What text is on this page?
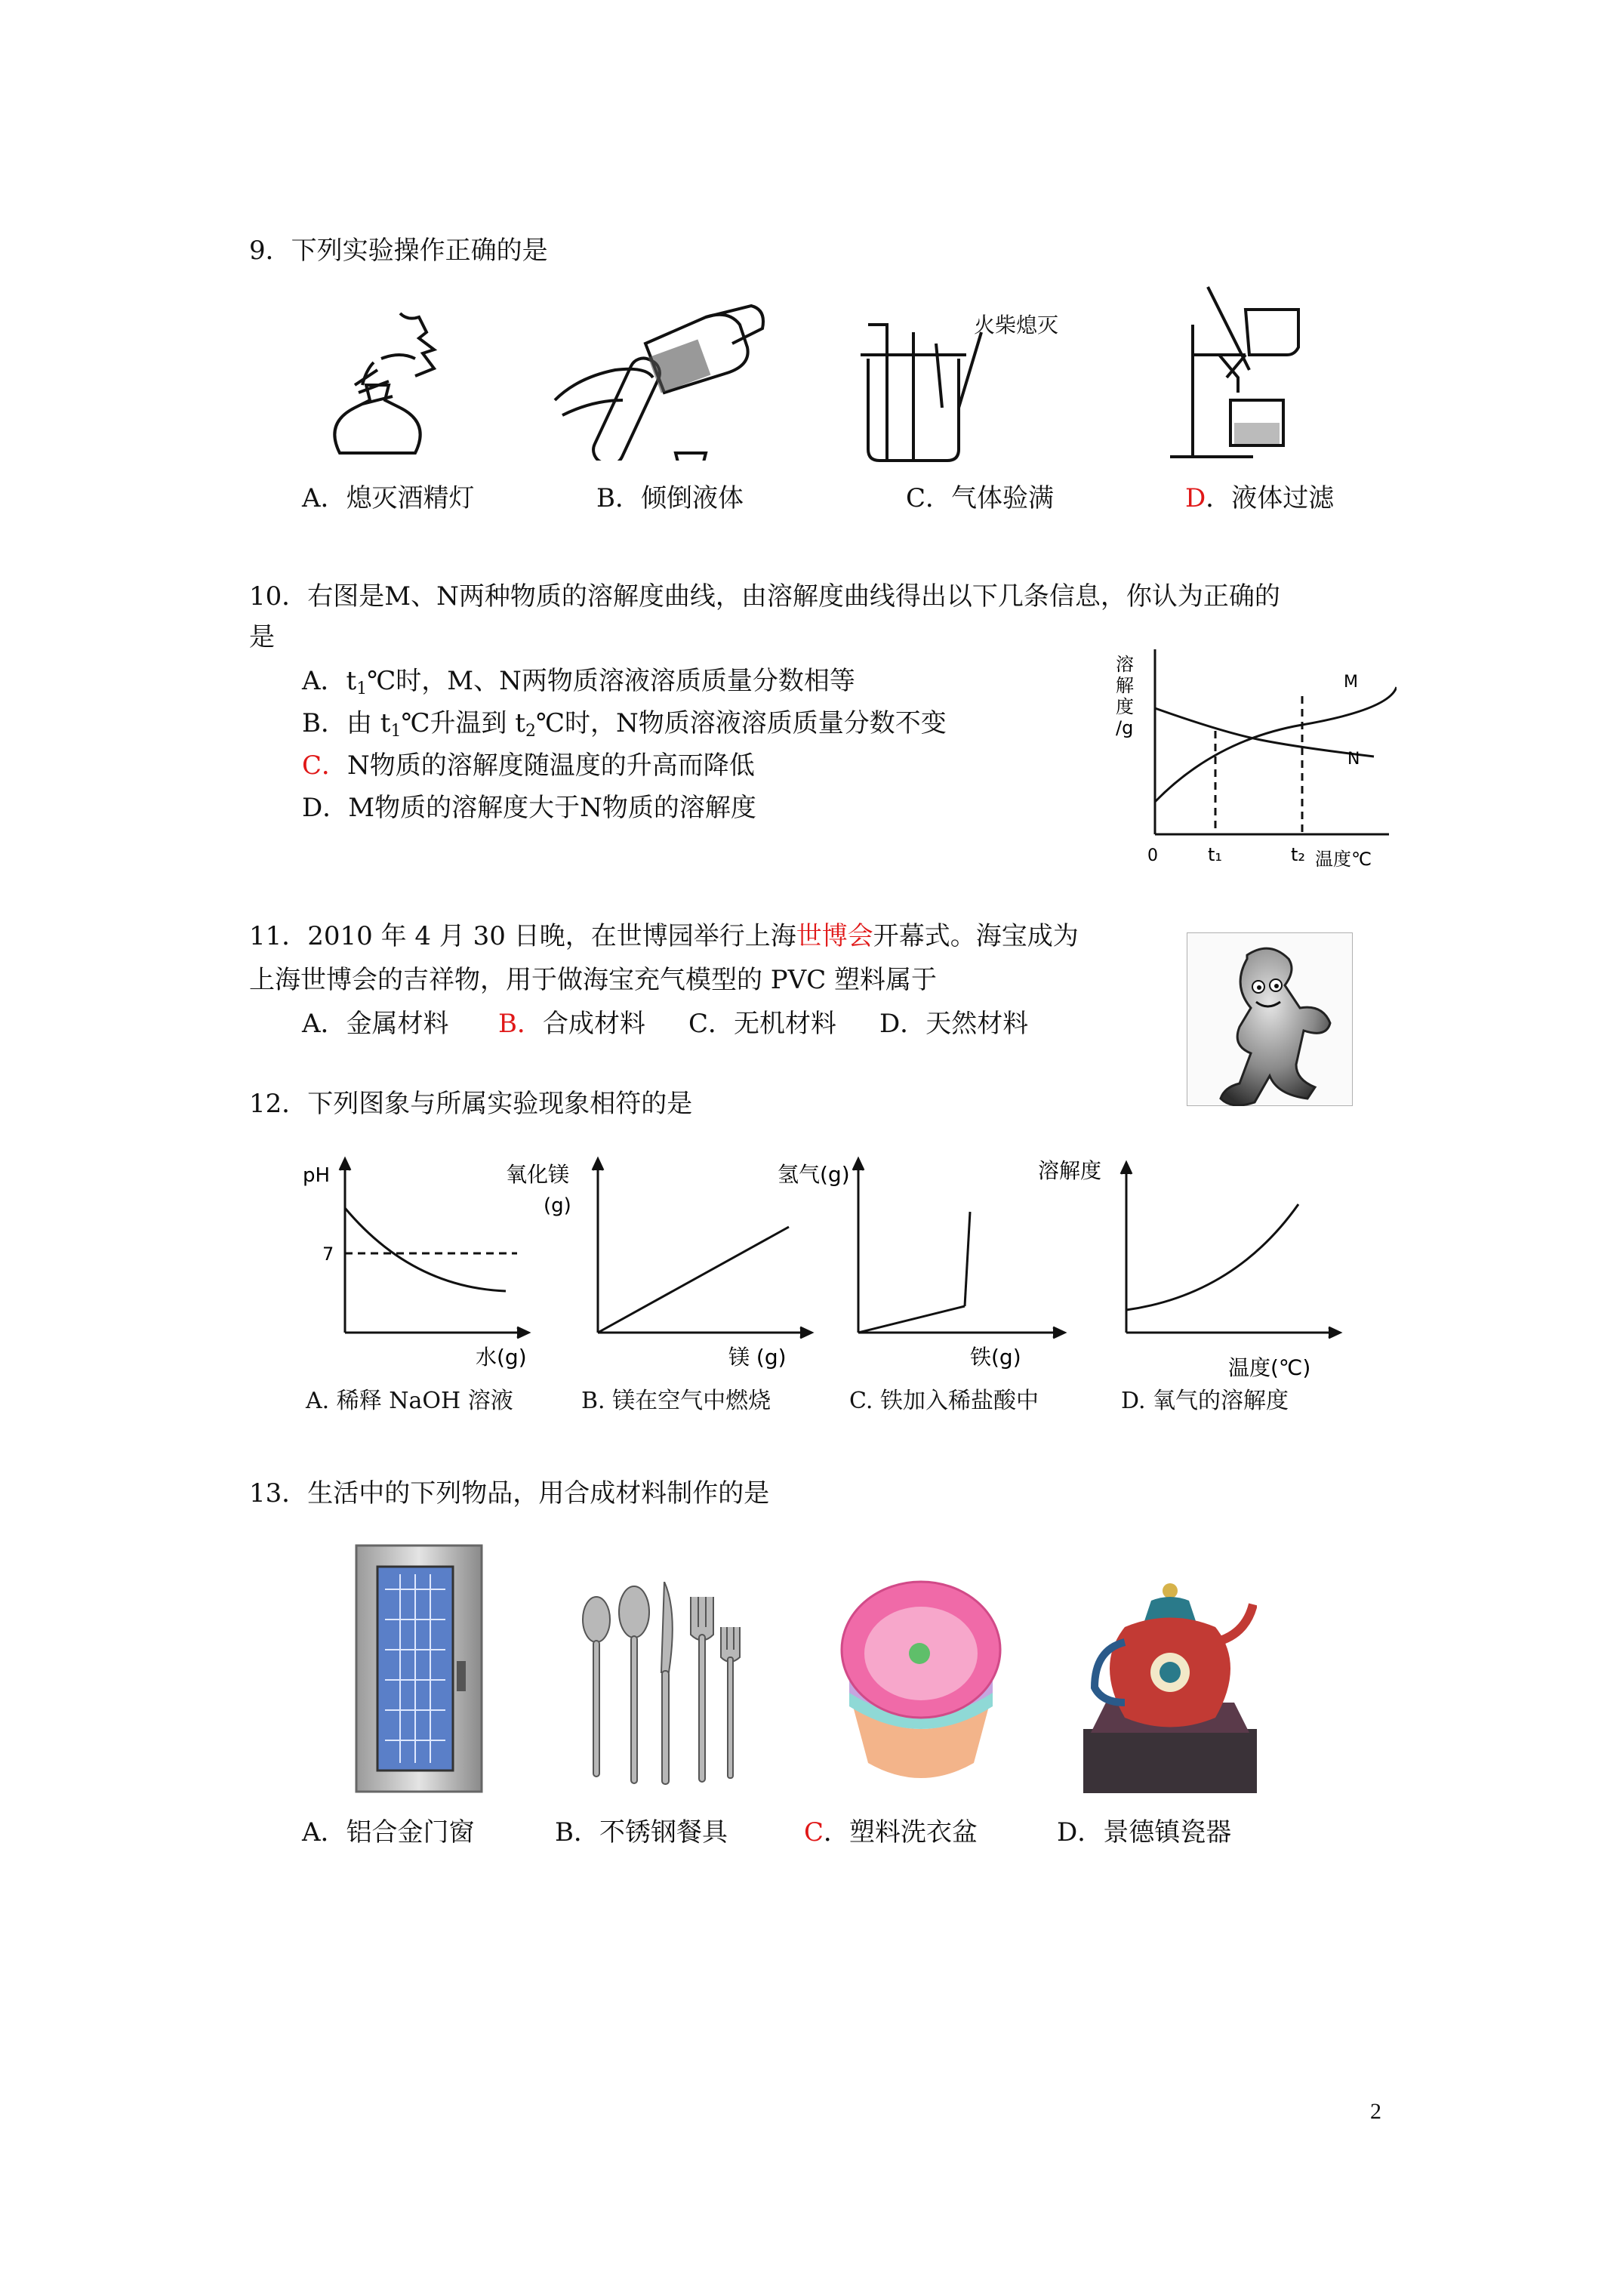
9．下列实验操作正确的是
火柴熄灭
A．熄灭酒精灯	B．倾倒液体	C．气体验满	D．液体过滤
10．右图是M、N两种物质的溶解度曲线，由溶解度曲线得出以下几条信息，你认为正确的
是
A．$t_1℃$时，M、N两物质溶液溶质质量分数相等
B．由 $t_1℃$升温到 $t_2℃$时，N物质溶液溶质质量分数不变
C．N物质的溶解度随温度的升高而降低
D．M物质的溶解度大于N物质的溶解度
溶
解
度
/g
M
N
0	t₁	t₂ 温度℃
11．2010 年 4 月 30 日晚，在世博园举行上海世博会开幕式。海宝成为
上海世博会的吉祥物，用于做海宝充气模型的 PVC 塑料属于
A．金属材料 B．合成材料 C．无机材料 D．天然材料
12．下列图象与所属实验现象相符的是
pH
7
水(g)
A. 稀释 NaOH 溶液
氧化镁
(g)
镁 (g)
B. 镁在空气中燃烧
氢气(g)
铁(g)
C. 铁加入稀盐酸中
溶解度
温度(℃)
D. 氧气的溶解度
13．生活中的下列物品，用合成材料制作的是
A．铝合金门窗	B．不锈钢餐具	C．塑料洗衣盆	D．景德镇瓷器
2
